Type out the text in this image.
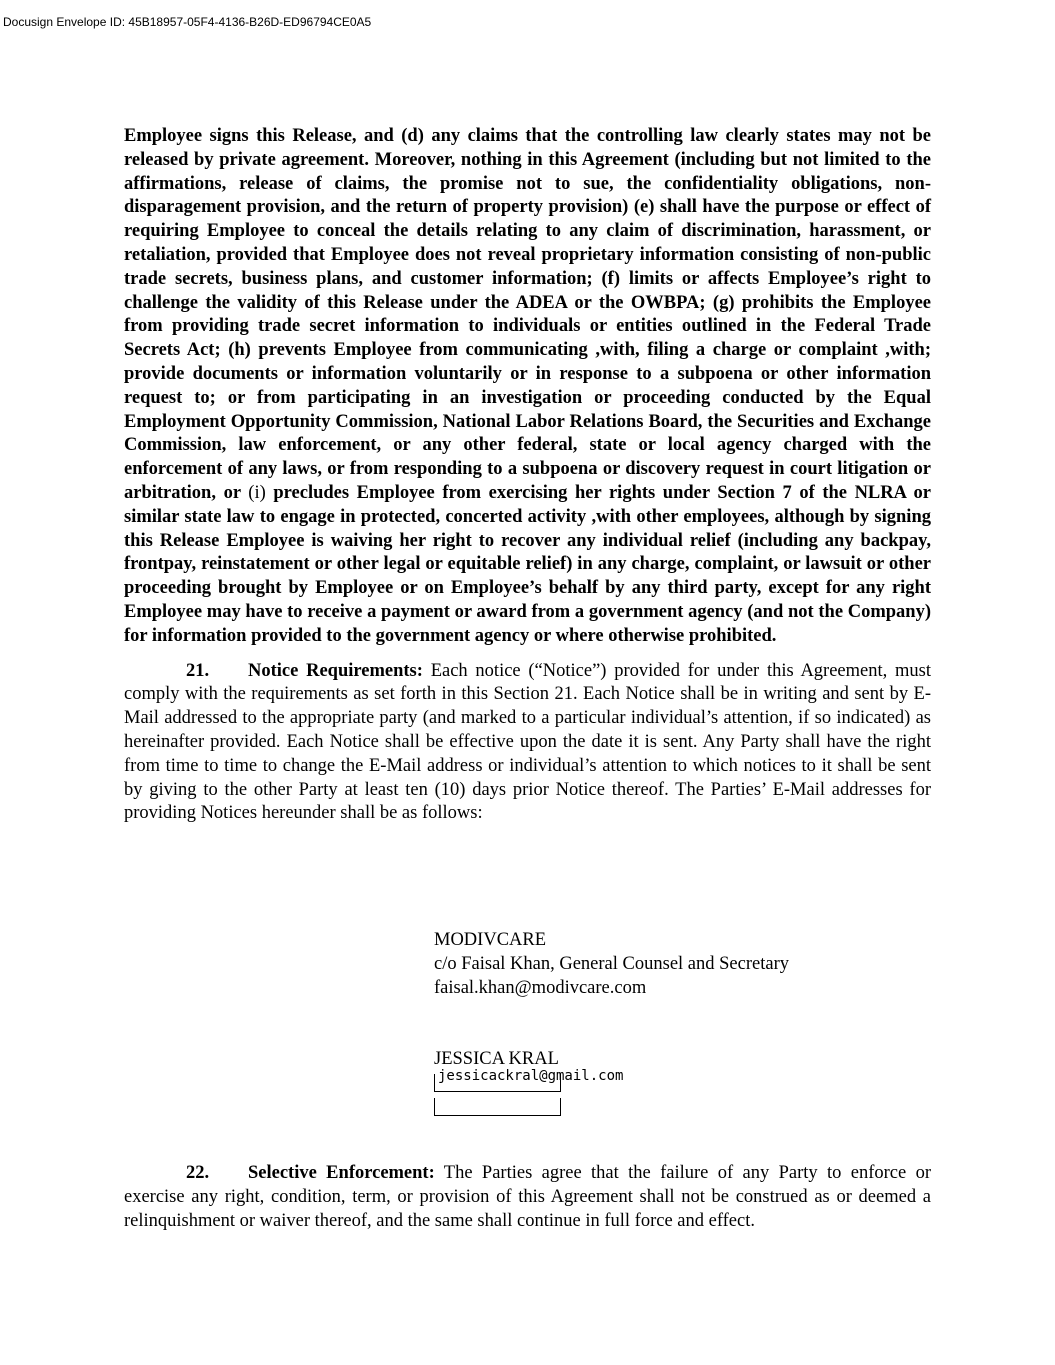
Docusign Envelope ID: 45B18957-05F4-4136-B26D-ED96794CE0A5

Employee signs this Release, and (d) any claims that the controlling law clearly states may not be released by private agreement. Moreover, nothing in this Agreement (including but not limited to the affirmations, release of claims, the promise not to sue, the confidentiality obligations, non-disparagement provision, and the return of property provision) (e) shall have the purpose or effect of requiring Employee to conceal the details relating to any claim of discrimination, harassment, or retaliation, provided that Employee does not reveal proprietary information consisting of non-public trade secrets, business plans, and customer information; (f) limits or affects Employee’s right to challenge the validity of this Release under the ADEA or the OWBPA; (g) prohibits the Employee from providing trade secret information to individuals or entities outlined in the Federal Trade Secrets Act; (h) prevents Employee from communicating ,with, filing a charge or complaint ,with; provide documents or information voluntarily or in response to a subpoena or other information request to; or from participating in an investigation or proceeding conducted by the Equal Employment Opportunity Commission, National Labor Relations Board, the Securities and Exchange Commission, law enforcement, or any other federal, state or local agency charged with the enforcement of any laws, or from responding to a subpoena or discovery request in court litigation or arbitration, or (i) precludes Employee from exercising her rights under Section 7 of the NLRA or similar state law to engage in protected, concerted activity ,with other employees, although by signing this Release Employee is waiving her right to recover any individual relief (including any backpay, frontpay, reinstatement or other legal or equitable relief) in any charge, complaint, or lawsuit or other proceeding brought by Employee or on Employee’s behalf by any third party, except for any right Employee may have to receive a payment or award from a government agency (and not the Company) for information provided to the government agency or where otherwise prohibited.

21. Notice Requirements: Each notice (“Notice”) provided for under this Agreement, must comply with the requirements as set forth in this Section 21. Each Notice shall be in writing and sent by E-Mail addressed to the appropriate party (and marked to a particular individual’s attention, if so indicated) as hereinafter provided. Each Notice shall be effective upon the date it is sent. Any Party shall have the right from time to time to change the E-Mail address or individual’s attention to which notices to it shall be sent by giving to the other Party at least ten (10) days prior Notice thereof. The Parties’ E-Mail addresses for providing Notices hereunder shall be as follows:

MODIVCARE
c/o Faisal Khan, General Counsel and Secretary
faisal.khan@modivcare.com
JESSICA KRAL
jessicackral@gmail.com

22. Selective Enforcement: The Parties agree that the failure of any Party to enforce or exercise any right, condition, term, or provision of this Agreement shall not be construed as or deemed a relinquishment or waiver thereof, and the same shall continue in full force and effect.
